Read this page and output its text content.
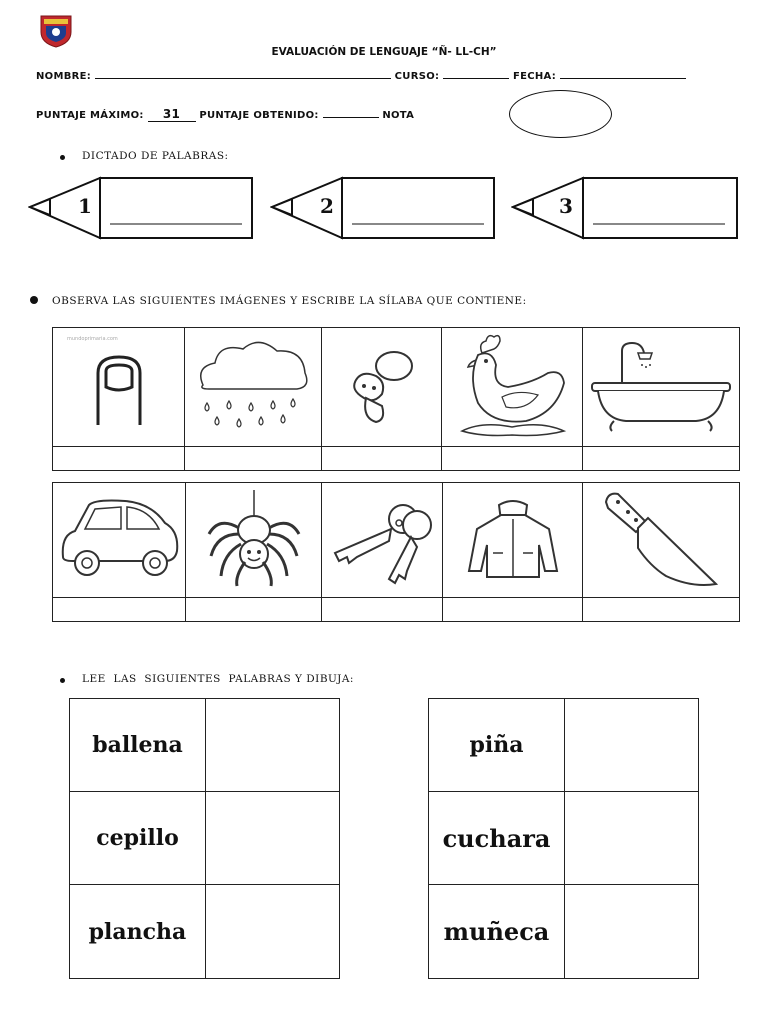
EVALUACIÓN DE LENGUAJE “Ñ- LL-CH”
NOMBRE:	CURSO:	FECHA:
PUNTAJE MÁXIMO: 31 PUNTAJE OBTENIDO:	NOTA
DICTADO DE PALABRAS:
1	2	3
OBSERVA LAS SIGUIENTES IMÁGENES Y ESCRIBE LA SÍLABA QUE CONTIENE:
mundoprimaria.com

LEE  LAS  SIGUIENTES  PALABRAS Y DIBUJA:
ballena	
cepillo	
plancha	
piña	
cuchara	
muñeca	
